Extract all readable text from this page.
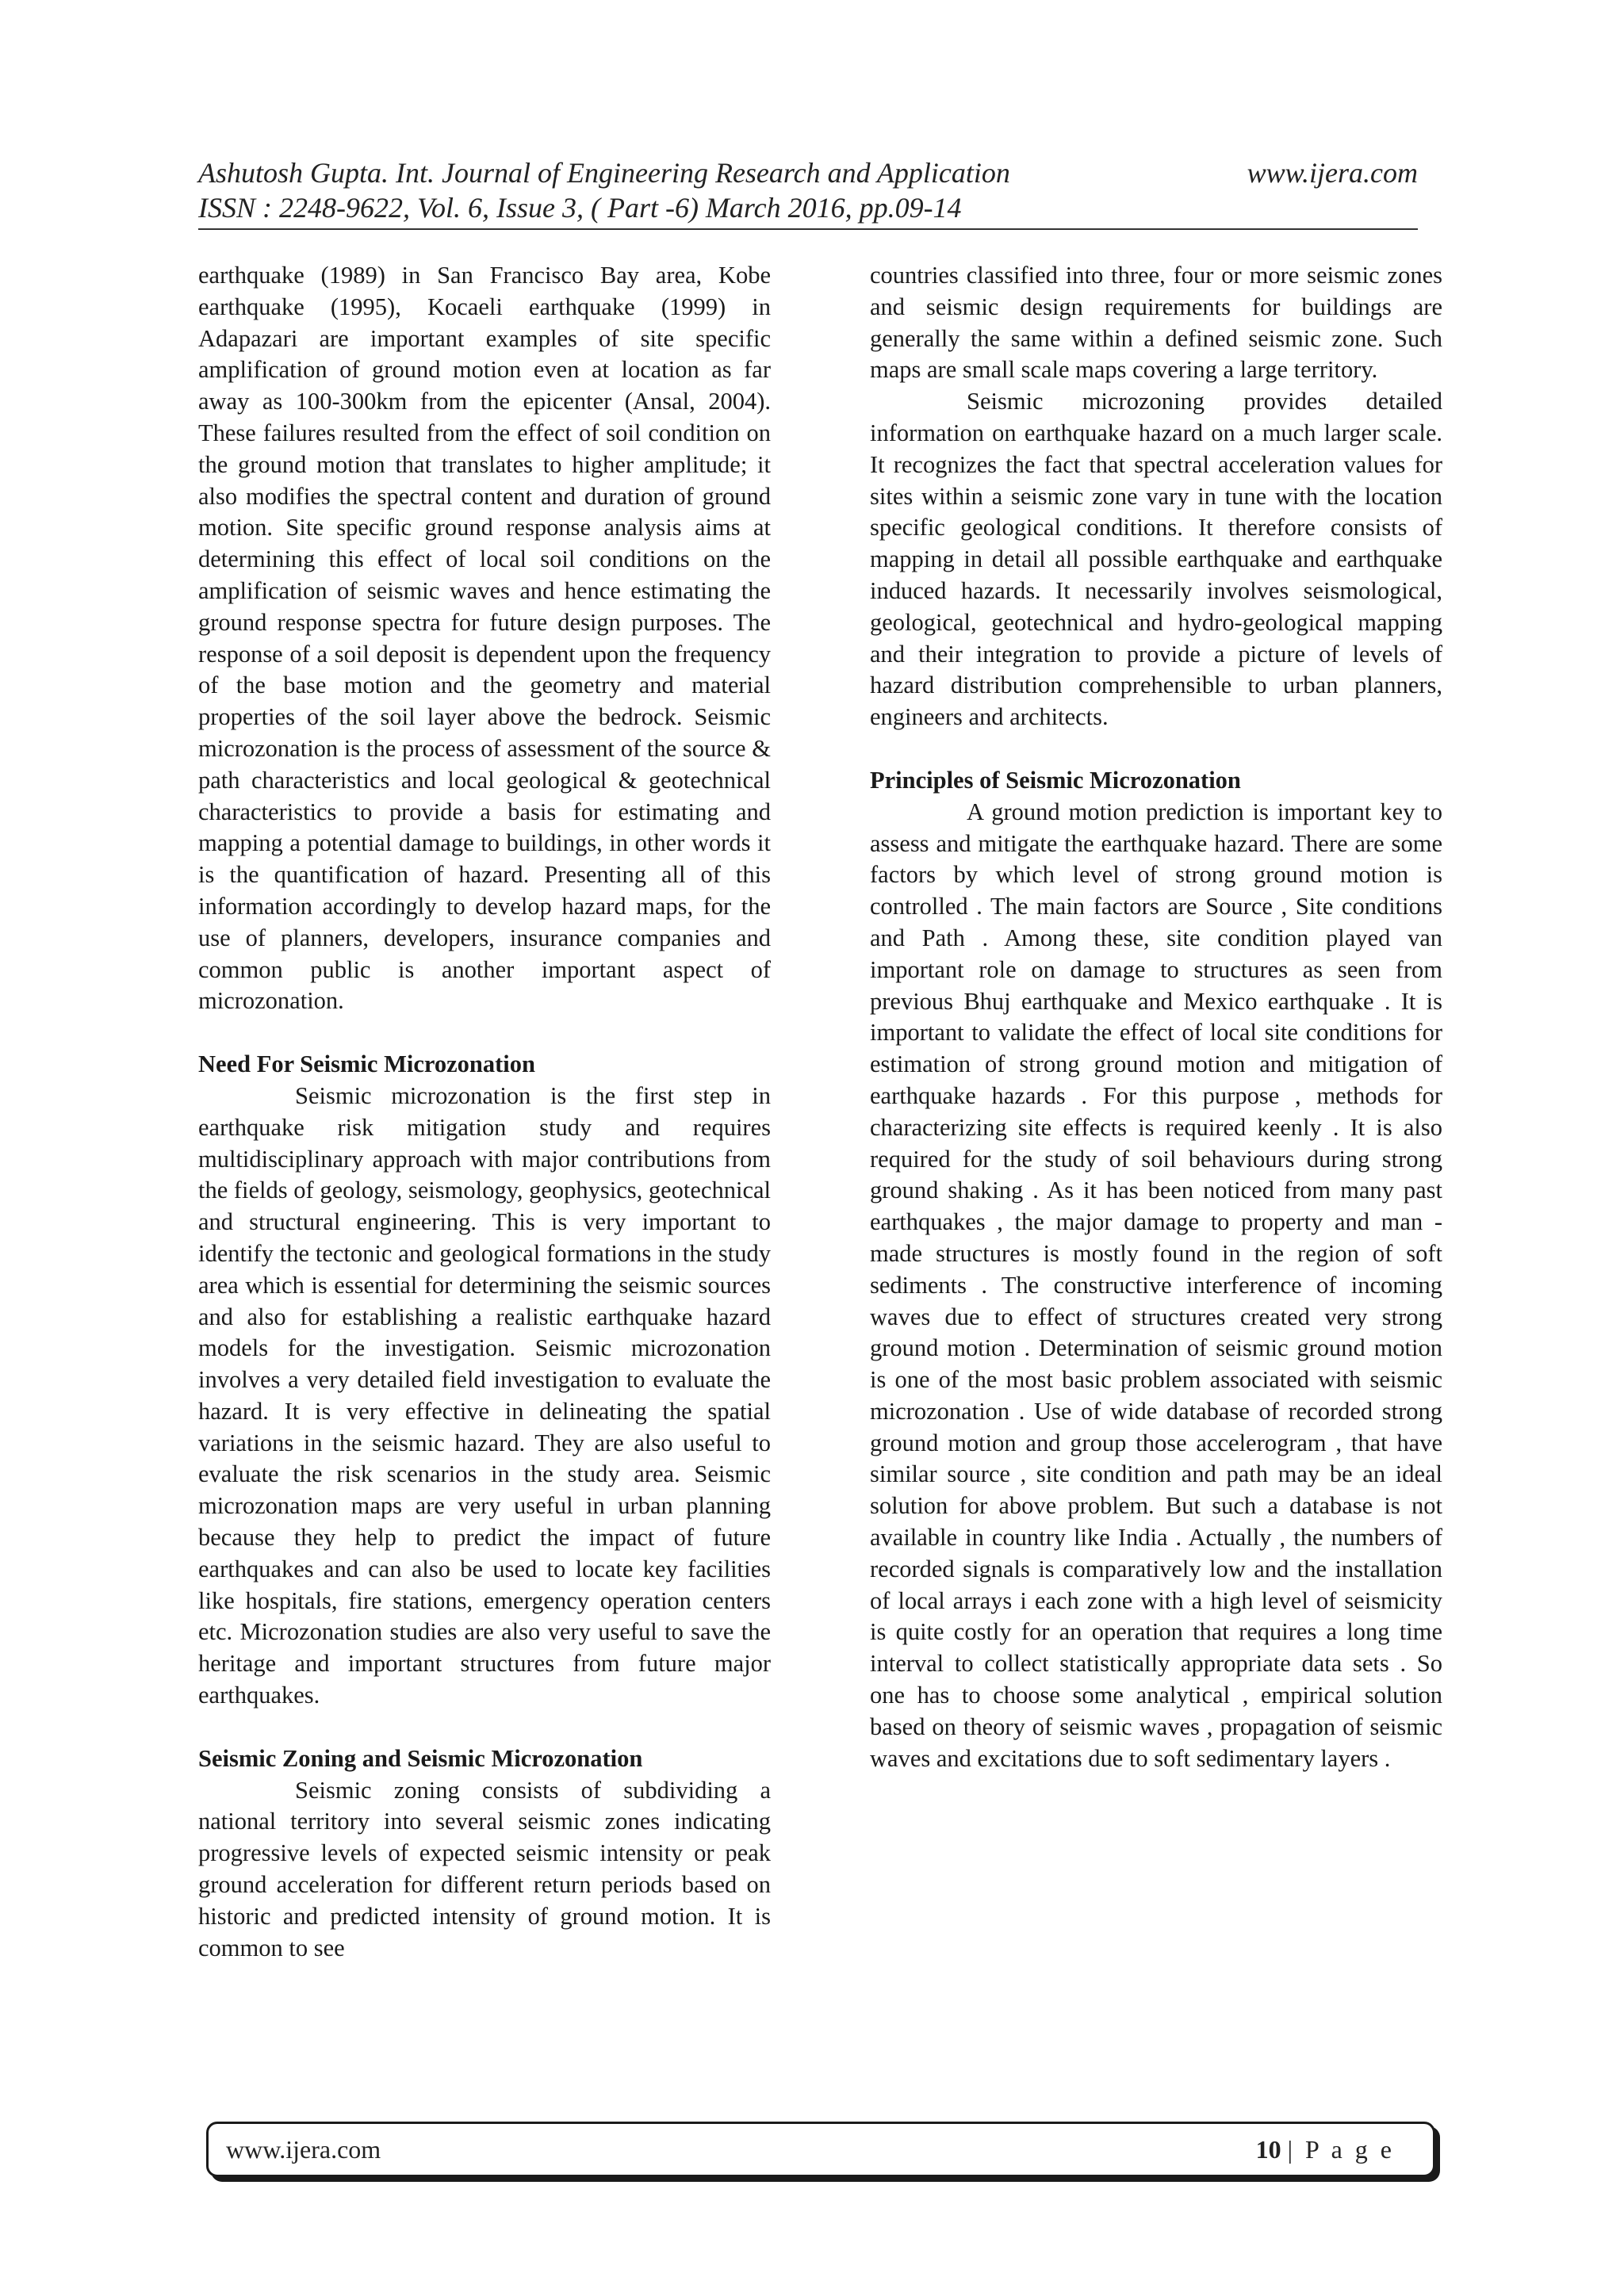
Ashutosh Gupta. Int. Journal of Engineering Research and Application	www.ijera.com
ISSN : 2248-9622, Vol. 6, Issue 3, ( Part -6) March 2016, pp.09-14

earthquake (1989) in San Francisco Bay area, Kobe earthquake (1995), Kocaeli earthquake (1999) in Adapazari are important examples of site specific amplification of ground motion even at location as far away as 100-300km from the epicenter (Ansal, 2004). These failures resulted from the effect of soil condition on the ground motion that translates to higher amplitude; it also modifies the spectral content and duration of ground motion. Site specific ground response analysis aims at determining this effect of local soil conditions on the amplification of seismic waves and hence estimating the ground response spectra for future design purposes. The response of a soil deposit is dependent upon the frequency of the base motion and the geometry and material properties of the soil layer above the bedrock. Seismic microzonation is the process of assessment of the source & path characteristics and local geological & geotechnical characteristics to provide a basis for estimating and mapping a potential damage to buildings, in other words it is the quantification of hazard. Presenting all of this information accordingly to develop hazard maps, for the use of planners, developers, insurance companies and common public is another important aspect of microzonation.

Need For Seismic Microzonation

Seismic microzonation is the first step in earthquake risk mitigation study and requires multidisciplinary approach with major contributions from the fields of geology, seismology, geophysics, geotechnical and structural engineering. This is very important to identify the tectonic and geological formations in the study area which is essential for determining the seismic sources and also for establishing a realistic earthquake hazard models for the investigation. Seismic microzonation involves a very detailed field investigation to evaluate the hazard. It is very effective in delineating the spatial variations in the seismic hazard. They are also useful to evaluate the risk scenarios in the study area. Seismic microzonation maps are very useful in urban planning because they help to predict the impact of future earthquakes and can also be used to locate key facilities like hospitals, fire stations, emergency operation centers etc. Microzonation studies are also very useful to save the heritage and important structures from future major earthquakes.

Seismic Zoning and Seismic Microzonation

Seismic zoning consists of subdividing a national territory into several seismic zones indicating progressive levels of expected seismic intensity or peak ground acceleration for different return periods based on historic and predicted intensity of ground motion. It is common to see

countries classified into three, four or more seismic zones and seismic design requirements for buildings are generally the same within a defined seismic zone. Such maps are small scale maps covering a large territory.

Seismic microzoning provides detailed information on earthquake hazard on a much larger scale. It recognizes the fact that spectral acceleration values for sites within a seismic zone vary in tune with the location specific geological conditions. It therefore consists of mapping in detail all possible earthquake and earthquake induced hazards. It necessarily involves seismological, geological, geotechnical and hydro-geological mapping and their integration to provide a picture of levels of hazard distribution comprehensible to urban planners, engineers and architects.

Principles of Seismic Microzonation

A ground motion prediction is important key to assess and mitigate the earthquake hazard. There are some factors by which level of strong ground motion is controlled . The main factors are Source , Site conditions and Path . Among these, site condition played van important role on damage to structures as seen from previous Bhuj earthquake and Mexico earthquake . It is important to validate the effect of local site conditions for estimation of strong ground motion and mitigation of earthquake hazards . For this purpose , methods for characterizing site effects is required keenly . It is also required for the study of soil behaviours during strong ground shaking . As it has been noticed from many past earthquakes , the major damage to property and man - made structures is mostly found in the region of soft sediments . The constructive interference of incoming waves due to effect of structures created very strong ground motion . Determination of seismic ground motion is one of the most basic problem associated with seismic microzonation . Use of wide database of recorded strong ground motion and group those accelerogram , that have similar source , site condition and path may be an ideal solution for above problem. But such a database is not available in country like India . Actually , the numbers of recorded signals is comparatively low and the installation of local arrays i each zone with a high level of seismicity is quite costly for an operation that requires a long time interval to collect statistically appropriate data sets . So one has to choose some analytical , empirical solution based on theory of seismic waves , propagation of seismic waves and excitations due to soft sedimentary layers .

www.ijera.com	10 | P a g e
